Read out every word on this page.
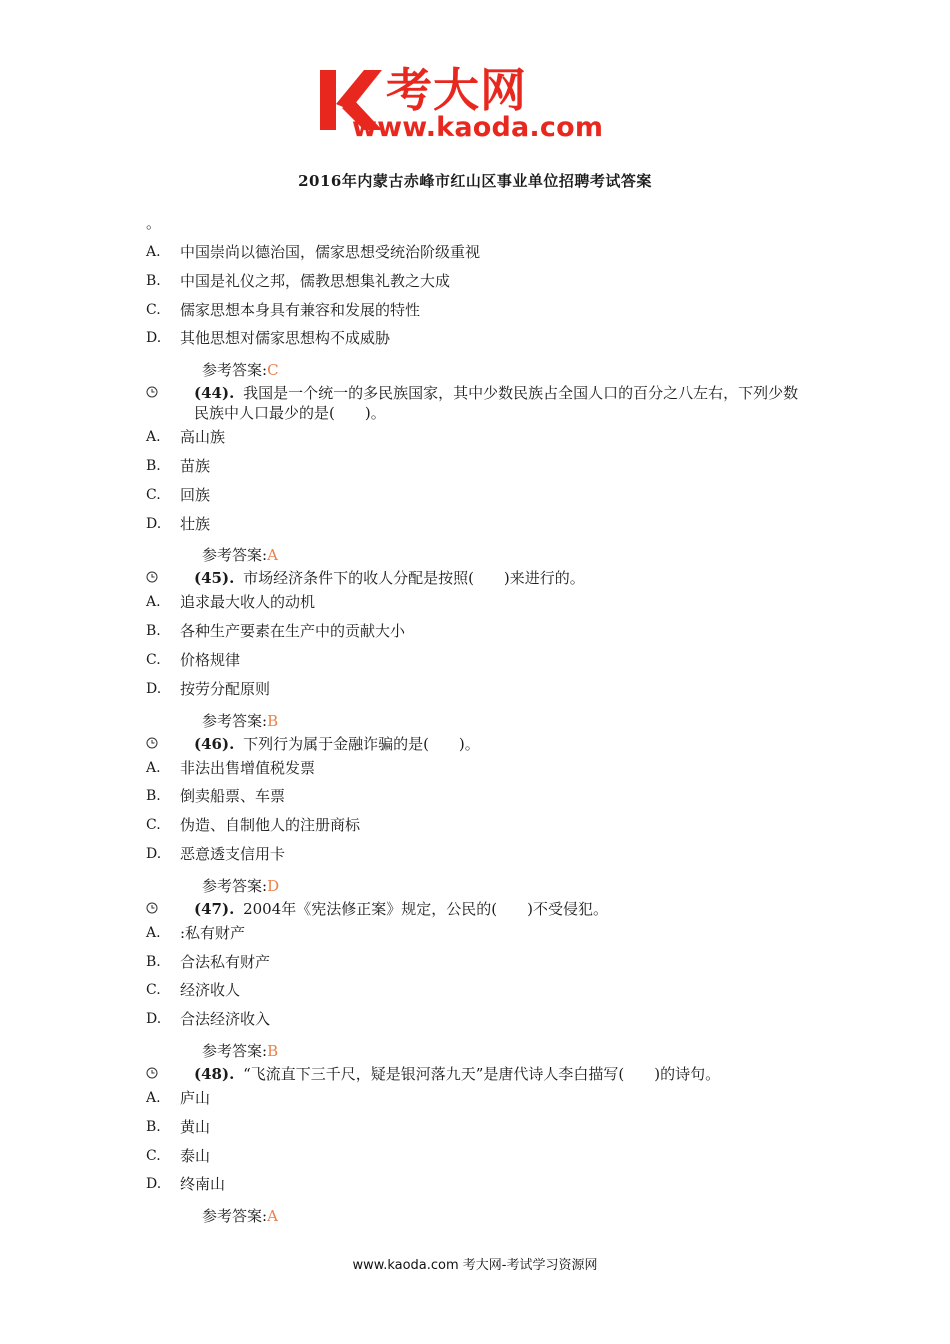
考大网
www.kaoda.com
2016年内蒙古赤峰市红山区事业单位招聘考试答案
。
A.	中国崇尚以德治国，儒家思想受统治阶级重视
B.	中国是礼仪之邦，儒教思想集礼教之大成
C.	儒家思想本身具有兼容和发展的特性
D.	其他思想对儒家思想构不成威胁
参考答案:C
(44). 我国是一个统一的多民族国家，其中少数民族占全国人口的百分之八左右，下列少数民族中人口最少的是(　　)。
A.	高山族
B.	苗族
C.	回族
D.	壮族
参考答案:A
(45). 市场经济条件下的收人分配是按照(　　)来进行的。
A.	追求最大收人的动机
B.	各种生产要素在生产中的贡献大小
C.	价格规律
D.	按劳分配原则
参考答案:B
(46). 下列行为属于金融诈骗的是(　　)。
A.	非法出售增值税发票
B.	倒卖船票、车票
C.	伪造、自制他人的注册商标
D.	恶意透支信用卡
参考答案:D
(47). 2004年《宪法修正案》规定，公民的(　　)不受侵犯。
A.	:私有财产
B.	合法私有财产
C.	经济收人
D.	合法经济收入
参考答案:B
(48). “飞流直下三千尺，疑是银河落九天”是唐代诗人李白描写(　　)的诗句。
A.	庐山
B.	黄山
C.	泰山
D.	终南山
参考答案:A
www.kaoda.com 考大网-考试学习资源网
